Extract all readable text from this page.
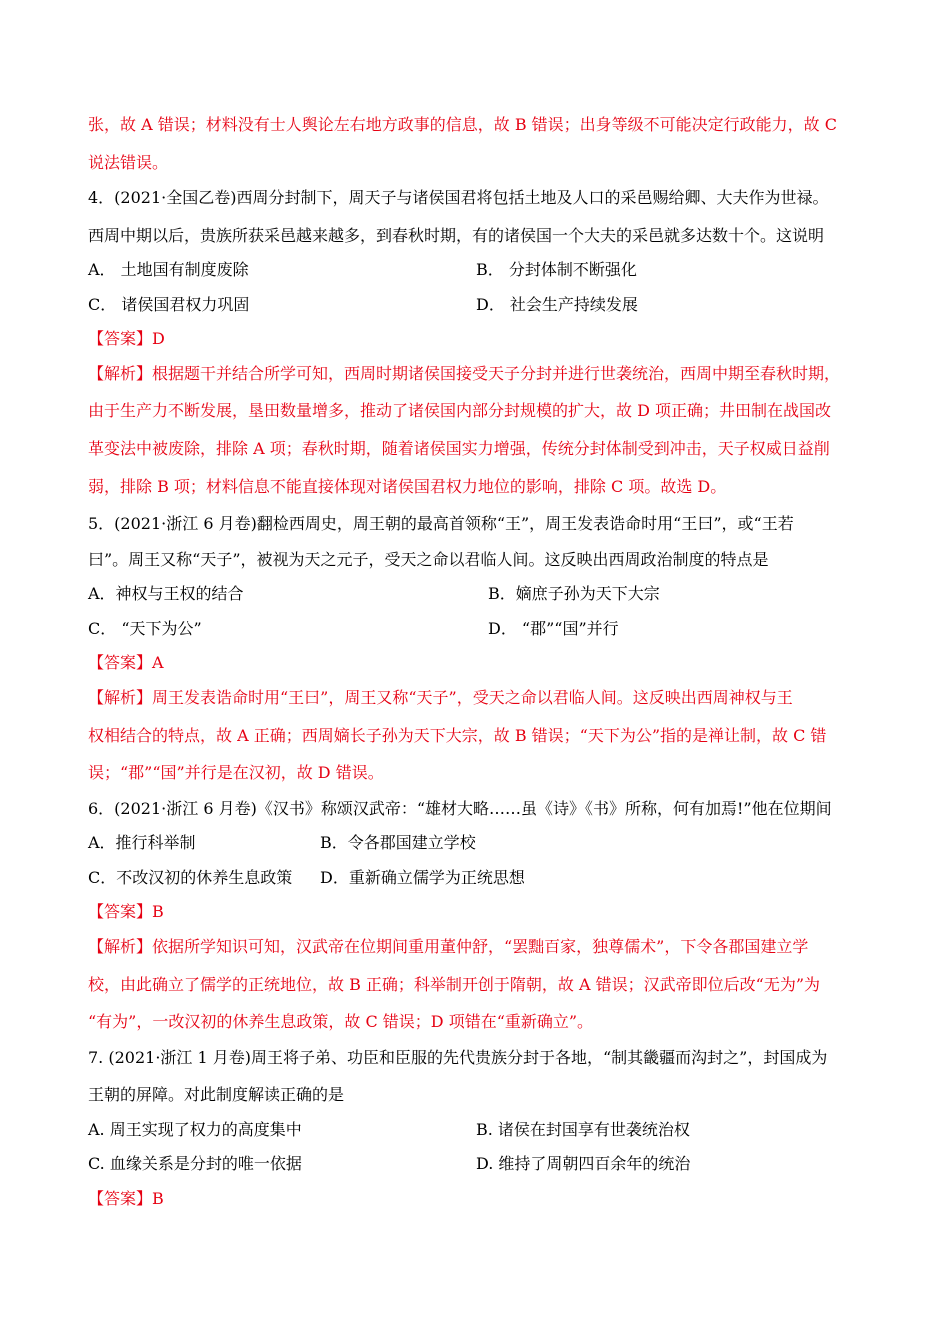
张，故 A 错误；材料没有士人舆论左右地方政事的信息，故 B 错误；出身等级不可能决定行政能力，故 C
说法错误。
4．(2021·全国乙卷)西周分封制下，周天子与诸侯国君将包括土地及人口的采邑赐给卿、大夫作为世禄。
西周中期以后，贵族所获采邑越来越多，到春秋时期，有的诸侯国一个大夫的采邑就多达数十个。这说明
A． 土地国有制度废除	B． 分封体制不断强化
C． 诸侯国君权力巩固	D． 社会生产持续发展
【答案】D
【解析】根据题干并结合所学可知，西周时期诸侯国接受天子分封并进行世袭统治，西周中期至春秋时期，
由于生产力不断发展，垦田数量增多，推动了诸侯国内部分封规模的扩大，故 D 项正确；井田制在战国改
革变法中被废除，排除 A 项；春秋时期，随着诸侯国实力增强，传统分封体制受到冲击，天子权威日益削
弱，排除 B 项；材料信息不能直接体现对诸侯国君权力地位的影响，排除 C 项。故选 D。
5．(2021·浙江 6 月卷)翻检西周史，周王朝的最高首领称“王”，周王发表诰命时用“王曰”，或“王若
曰”。周王又称“天子”，被视为天之元子，受天之命以君临人间。这反映出西周政治制度的特点是
A．神权与王权的结合	B．嫡庶子孙为天下大宗
C． “天下为公”	D． “郡”“国”并行
【答案】A
【解析】周王发表诰命时用“王曰”，周王又称“天子”，受天之命以君临人间。这反映出西周神权与王
权相结合的特点，故 A 正确；西周嫡长子孙为天下大宗，故 B 错误；“天下为公”指的是禅让制，故 C 错
误；“郡”“国”并行是在汉初，故 D 错误。
6．(2021·浙江 6 月卷)《汉书》称颂汉武帝：“雄材大略……虽《诗》《书》所称，何有加焉!”他在位期间
A．推行科举制	B．令各郡国建立学校
C．不改汉初的休养生息政策 D．重新确立儒学为正统思想
【答案】B
【解析】依据所学知识可知，汉武帝在位期间重用董仲舒，“罢黜百家，独尊儒术”，下令各郡国建立学
校，由此确立了儒学的正统地位，故 B 正确；科举制开创于隋朝，故 A 错误；汉武帝即位后改“无为”为
“有为”，一改汉初的休养生息政策，故 C 错误；D 项错在“重新确立”。
7. (2021·浙江 1 月卷)周王将子弟、功臣和臣服的先代贵族分封于各地，“制其畿疆而沟封之”，封国成为
王朝的屏障。对此制度解读正确的是
A. 周王实现了权力的高度集中	B. 诸侯在封国享有世袭统治权
C. 血缘关系是分封的唯一依据	D. 维持了周朝四百余年的统治
【答案】B
